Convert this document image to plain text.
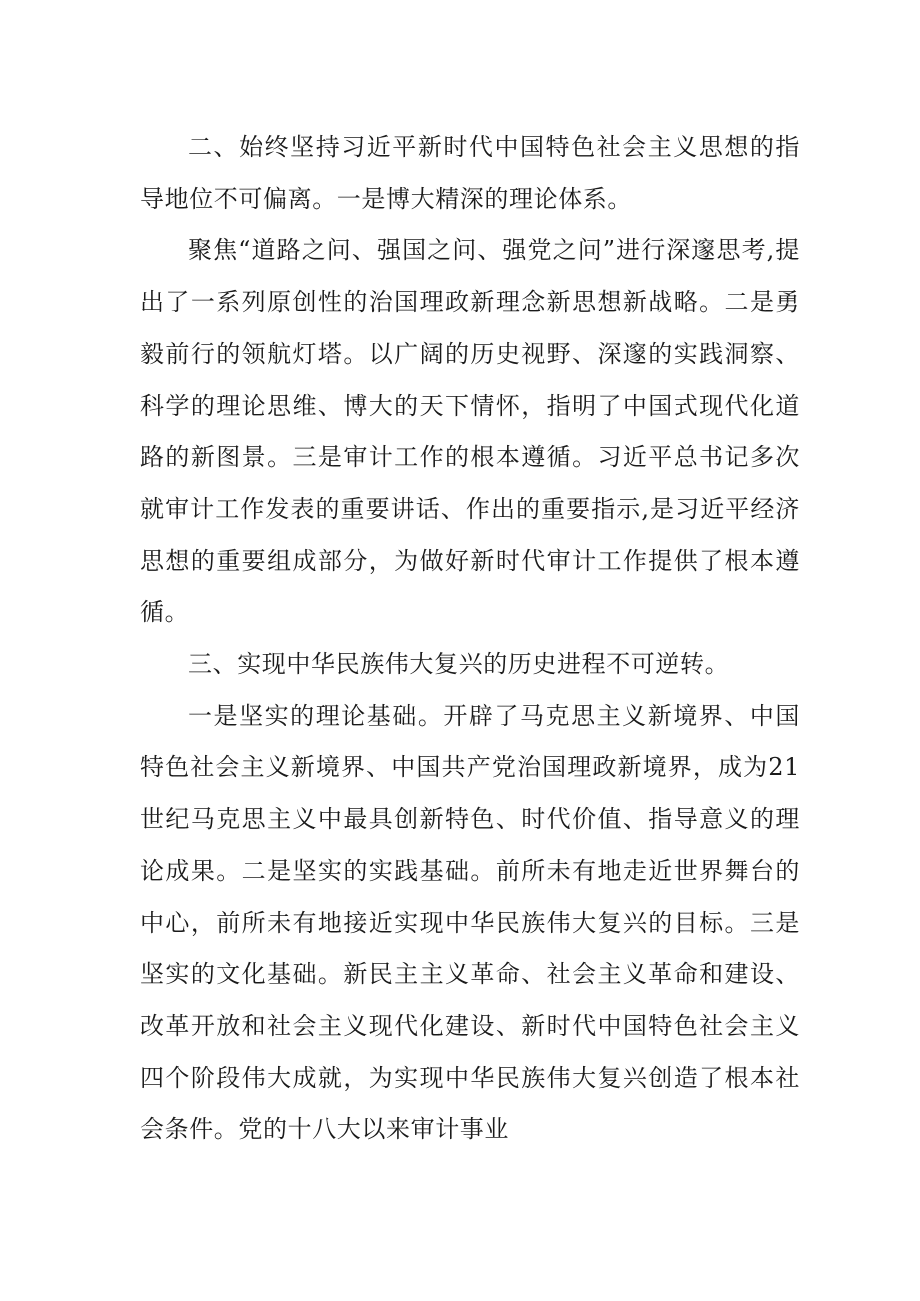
二、始终坚持习近平新时代中国特色社会主义思想的指导地位不可偏离。一是博大精深的理论体系。

聚焦“道路之问、强国之问、强党之问”进行深邃思考,提出了一系列原创性的治国理政新理念新思想新战略。二是勇毅前行的领航灯塔。以广阔的历史视野、深邃的实践洞察、科学的理论思维、博大的天下情怀，指明了中国式现代化道路的新图景。三是审计工作的根本遵循。习近平总书记多次就审计工作发表的重要讲话、作出的重要指示,是习近平经济思想的重要组成部分，为做好新时代审计工作提供了根本遵循。

三、实现中华民族伟大复兴的历史进程不可逆转。

一是坚实的理论基础。开辟了马克思主义新境界、中国特色社会主义新境界、中国共产党治国理政新境界，成为21世纪马克思主义中最具创新特色、时代价值、指导意义的理论成果。二是坚实的实践基础。前所未有地走近世界舞台的中心，前所未有地接近实现中华民族伟大复兴的目标。三是坚实的文化基础。新民主主义革命、社会主义革命和建设、改革开放和社会主义现代化建设、新时代中国特色社会主义四个阶段伟大成就，为实现中华民族伟大复兴创造了根本社会条件。党的十八大以来审计事业
